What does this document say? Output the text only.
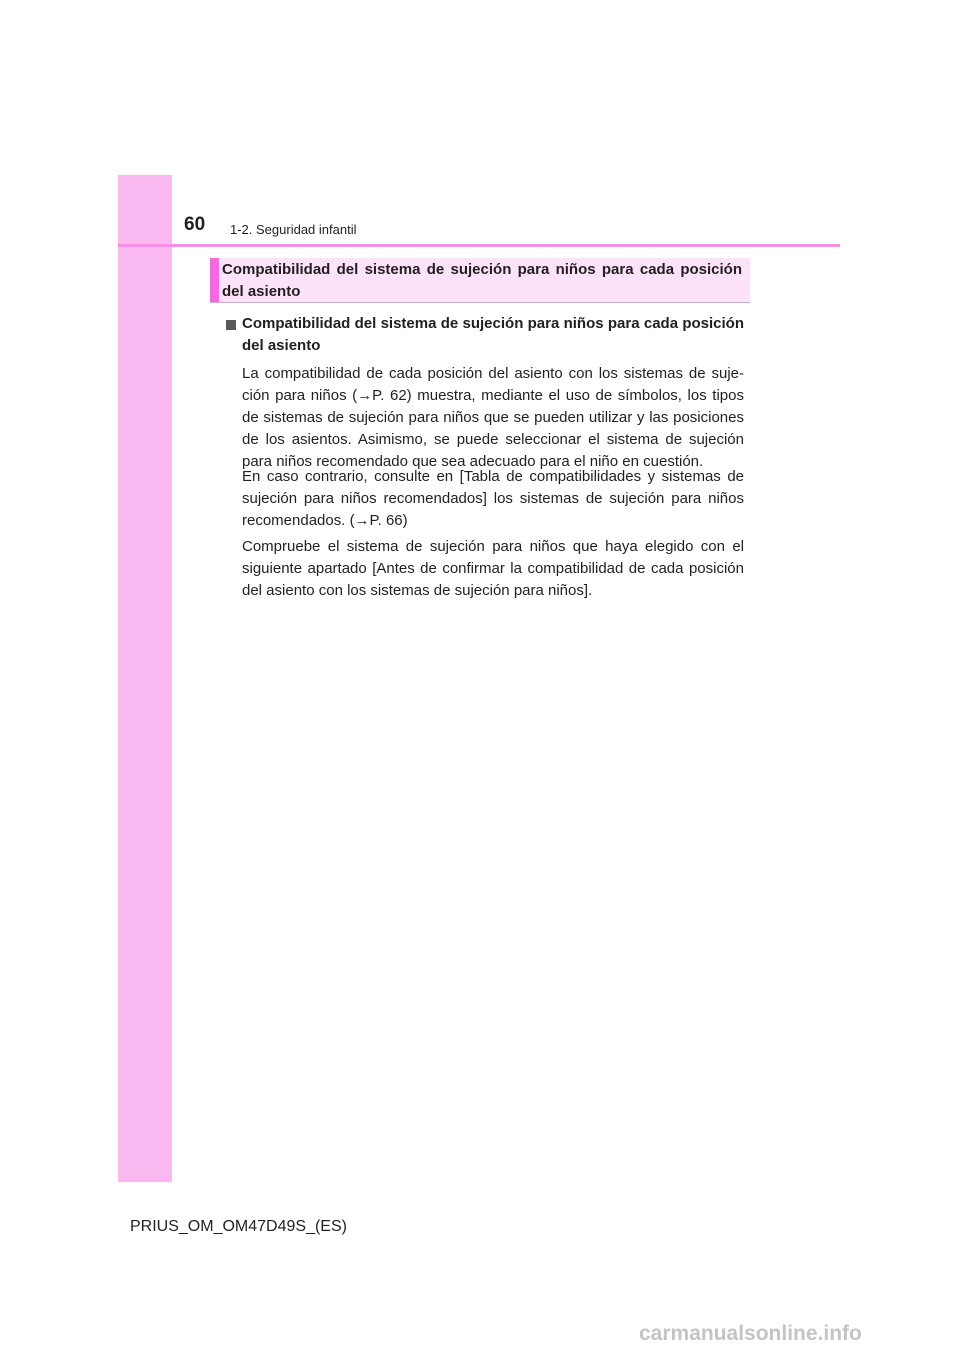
60 1-2. Seguridad infantil
Compatibilidad del sistema de sujeción para niños para cada posición del asiento
Compatibilidad del sistema de sujeción para niños para cada posición del asiento

La compatibilidad de cada posición del asiento con los sistemas de sujeción para niños (→P. 62) muestra, mediante el uso de símbolos, los tipos de sistemas de sujeción para niños que se pueden utilizar y las posiciones de los asientos. Asimismo, se puede seleccionar el sistema de sujeción para niños recomendado que sea adecuado para el niño en cuestión.

En caso contrario, consulte en [Tabla de compatibilidades y sistemas de sujeción para niños recomendados] los sistemas de sujeción para niños recomendados. (→P. 66)

Compruebe el sistema de sujeción para niños que haya elegido con el siguiente apartado [Antes de confirmar la compatibilidad de cada posición del asiento con los sistemas de sujeción para niños].

PRIUS_OM_OM47D49S_(ES)
carmanualsonline.info
